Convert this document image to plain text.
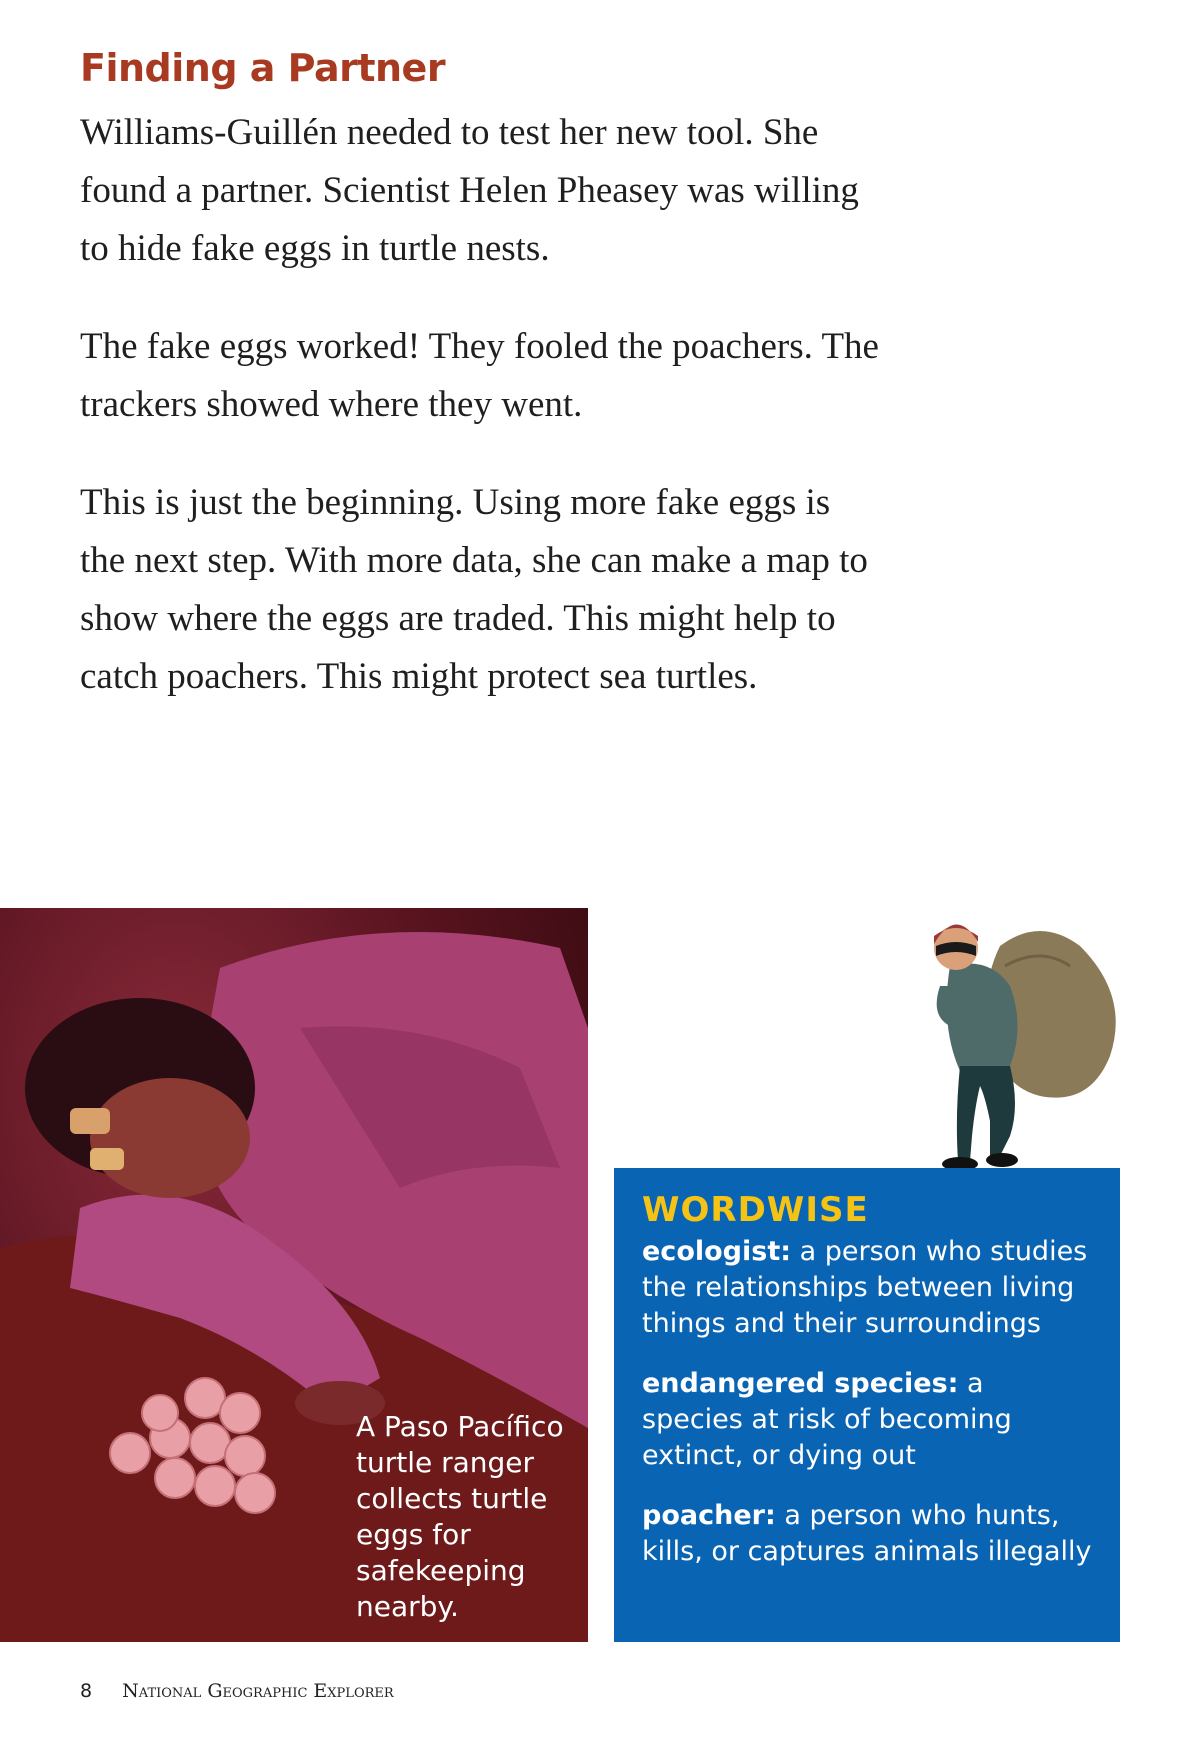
Finding a Partner

Williams-Guillén needed to test her new tool. She found a partner. Scientist Helen Pheasey was willing to hide fake eggs in turtle nests.

The fake eggs worked! They fooled the poachers. The trackers showed where they went.

This is just the beginning. Using more fake eggs is the next step. With more data, she can make a map to show where the eggs are traded. This might help to catch poachers. This might protect sea turtles.

A Paso Pacífico turtle ranger collects turtle eggs for safekeeping nearby.

WORDWISE

ecologist: a person who studies the relationships between living things and their surroundings

endangered species: a species at risk of becoming extinct, or dying out

poacher: a person who hunts, kills, or captures animals illegally

8 National Geographic Explorer
